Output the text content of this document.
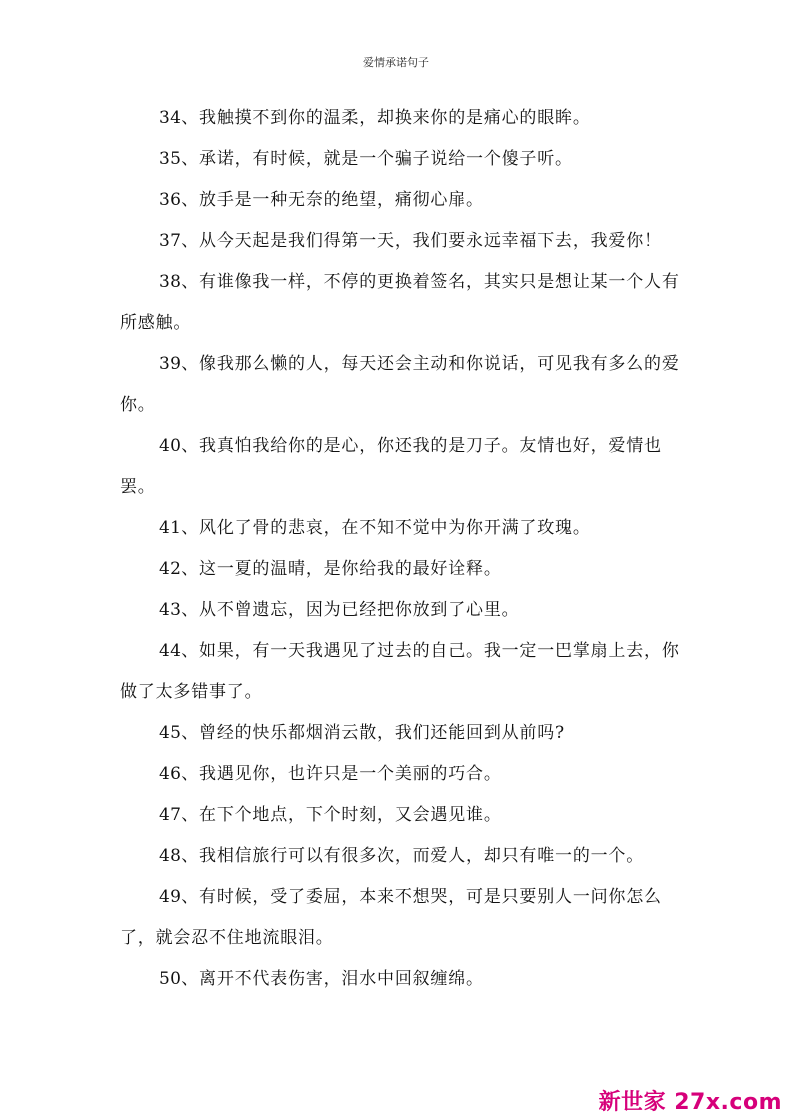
爱情承诺句子

34、我触摸不到你的温柔，却换来你的是痛心的眼眸。

35、承诺，有时候，就是一个骗子说给一个傻子听。

36、放手是一种无奈的绝望，痛彻心扉。

37、从今天起是我们得第一天，我们要永远幸福下去，我爱你！

38、有谁像我一样，不停的更换着签名，其实只是想让某一个人有所感触。

39、像我那么懒的人，每天还会主动和你说话，可见我有多么的爱你。

40、我真怕我给你的是心，你还我的是刀子。友情也好，爱情也罢。

41、风化了骨的悲哀，在不知不觉中为你开满了玫瑰。

42、这一夏的温晴，是你给我的最好诠释。

43、从不曾遗忘，因为已经把你放到了心里。

44、如果，有一天我遇见了过去的自己。我一定一巴掌扇上去，你做了太多错事了。

45、曾经的快乐都烟消云散，我们还能回到从前吗?

46、我遇见你，也许只是一个美丽的巧合。

47、在下个地点，下个时刻，又会遇见谁。

48、我相信旅行可以有很多次，而爱人，却只有唯一的一个。

49、有时候，受了委屈，本来不想哭，可是只要别人一问你怎么了，就会忍不住地流眼泪。

50、离开不代表伤害，泪水中回叙缠绵。

新世家 27x.com
